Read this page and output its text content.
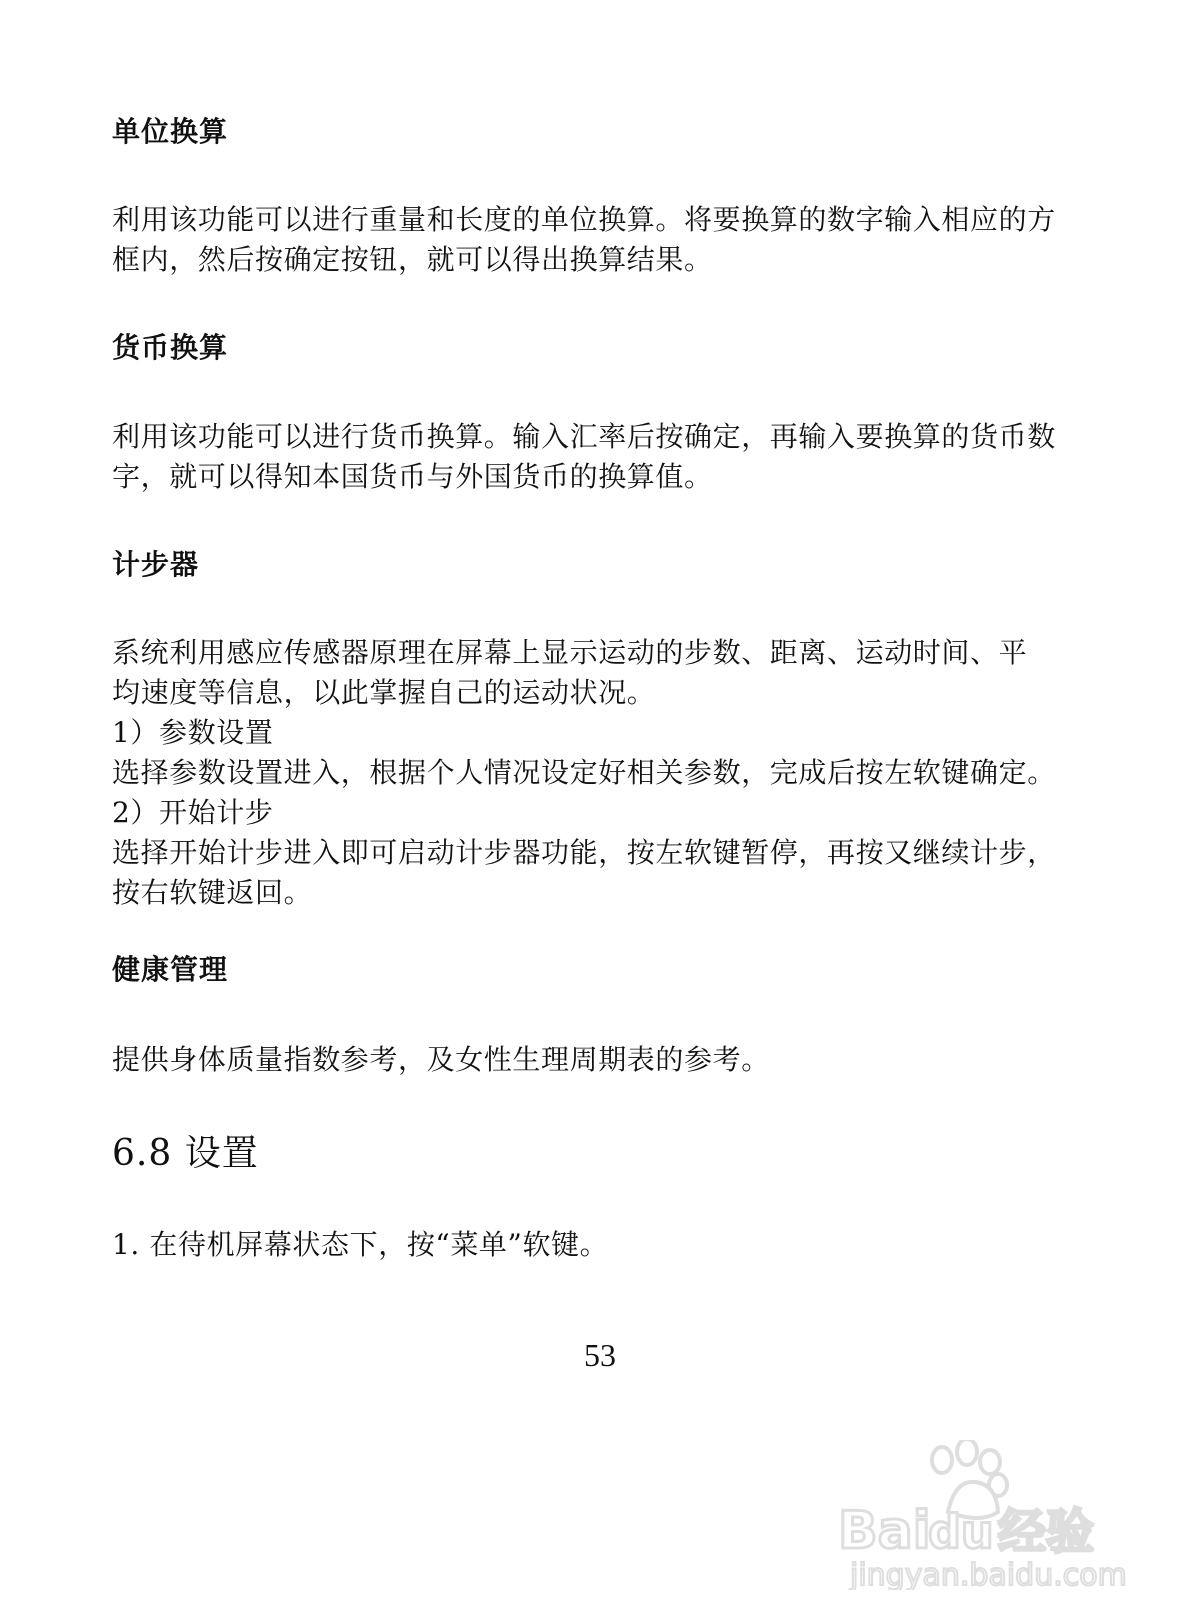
单位换算
利用该功能可以进行重量和长度的单位换算。将要换算的数字输入相应的方
框内，然后按确定按钮，就可以得出换算结果。
货币换算
利用该功能可以进行货币换算。输入汇率后按确定，再输入要换算的货币数
字，就可以得知本国货币与外国货币的换算值。
计步器
系统利用感应传感器原理在屏幕上显示运动的步数、距离、运动时间、平
均速度等信息，以此掌握自己的运动状况。
1）参数设置
选择参数设置进入，根据个人情况设定好相关参数，完成后按左软键确定。
2）开始计步
选择开始计步进入即可启动计步器功能，按左软键暂停，再按又继续计步，
按右软键返回。
健康管理
提供身体质量指数参考，及女性生理周期表的参考。
6.8 设置
1. 在待机屏幕状态下，按“菜单”软键。
53
Bai
du 经验
jingyan.baidu.com
